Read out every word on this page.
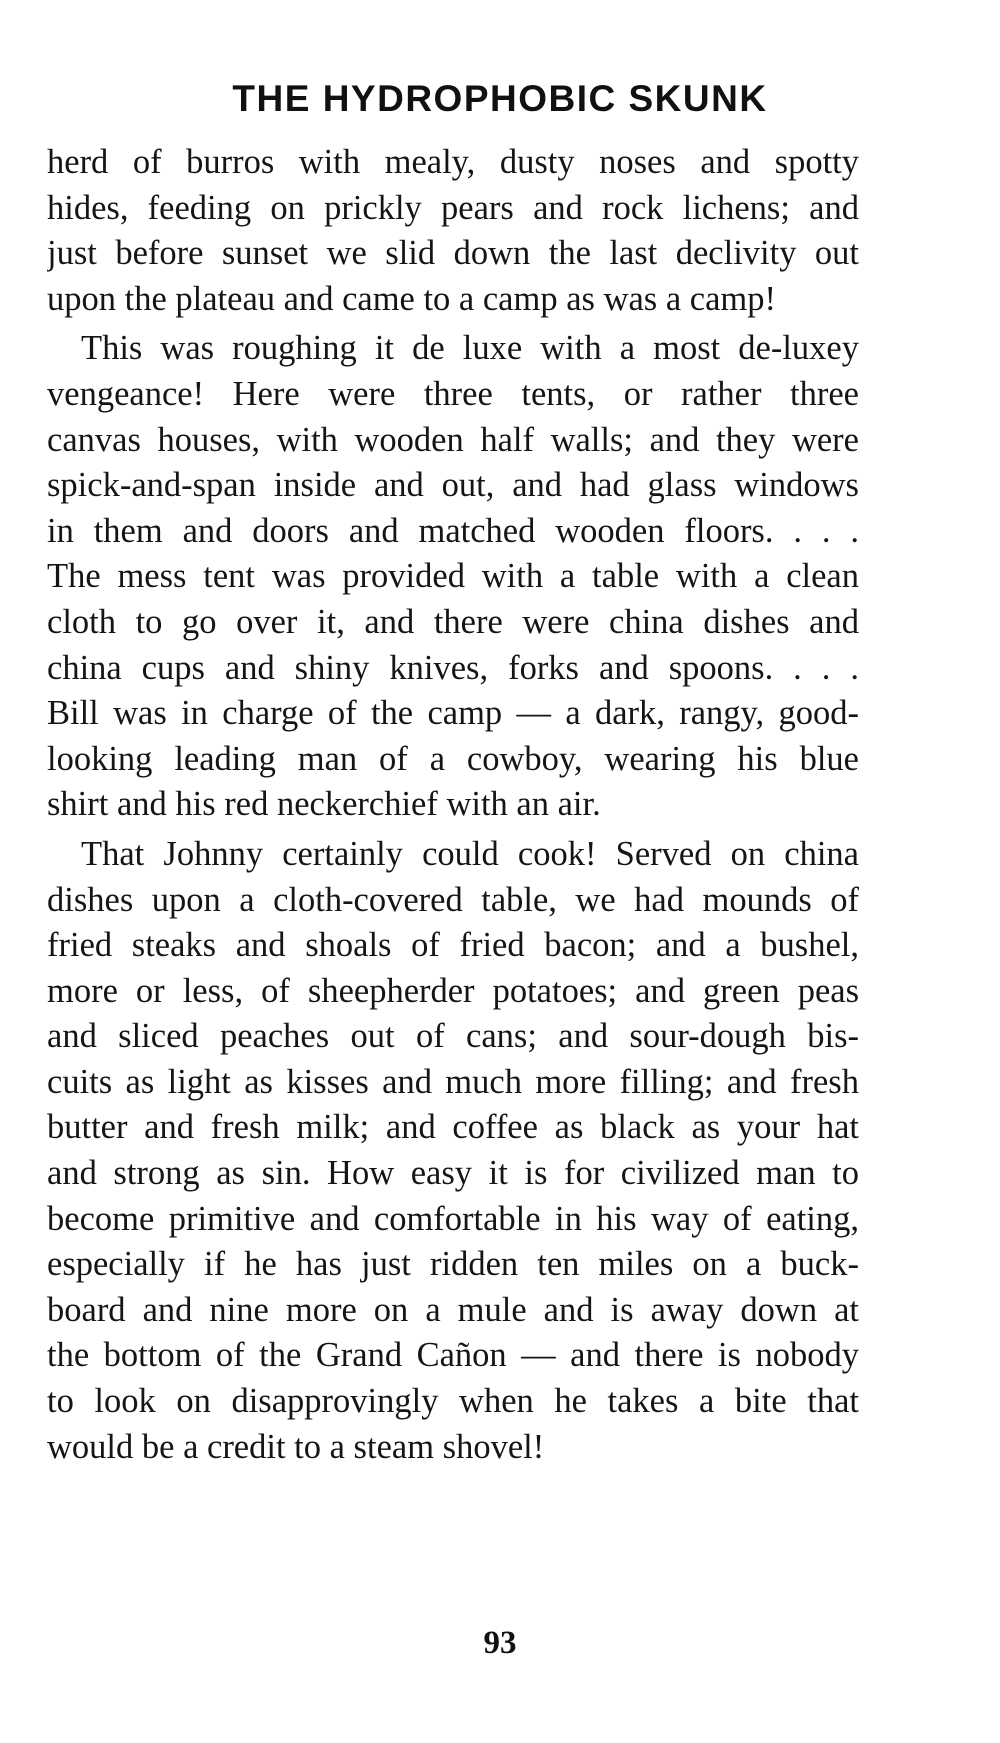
THE HYDROPHOBIC SKUNK
herd of burros with mealy, dusty noses and spotty
hides, feeding on prickly pears and rock lichens; and
just before sunset we slid down the last declivity out
upon the plateau and came to a camp as was a camp!
This was roughing it de luxe with a most de-luxey
vengeance! Here were three tents, or rather three
canvas houses, with wooden half walls; and they were
spick-and-span inside and out, and had glass windows
in them and doors and matched wooden floors. . . .
The mess tent was provided with a table with a clean
cloth to go over it, and there were china dishes and
china cups and shiny knives, forks and spoons. . . .
Bill was in charge of the camp — a dark, rangy, good-
looking leading man of a cowboy, wearing his blue
shirt and his red neckerchief with an air.
That Johnny certainly could cook! Served on china
dishes upon a cloth-covered table, we had mounds of
fried steaks and shoals of fried bacon; and a bushel,
more or less, of sheepherder potatoes; and green peas
and sliced peaches out of cans; and sour-dough bis-
cuits as light as kisses and much more filling; and fresh
butter and fresh milk; and coffee as black as your hat
and strong as sin. How easy it is for civilized man to
become primitive and comfortable in his way of eating,
especially if he has just ridden ten miles on a buck-
board and nine more on a mule and is away down at
the bottom of the Grand Cañon — and there is nobody
to look on disapprovingly when he takes a bite that
would be a credit to a steam shovel!
93
